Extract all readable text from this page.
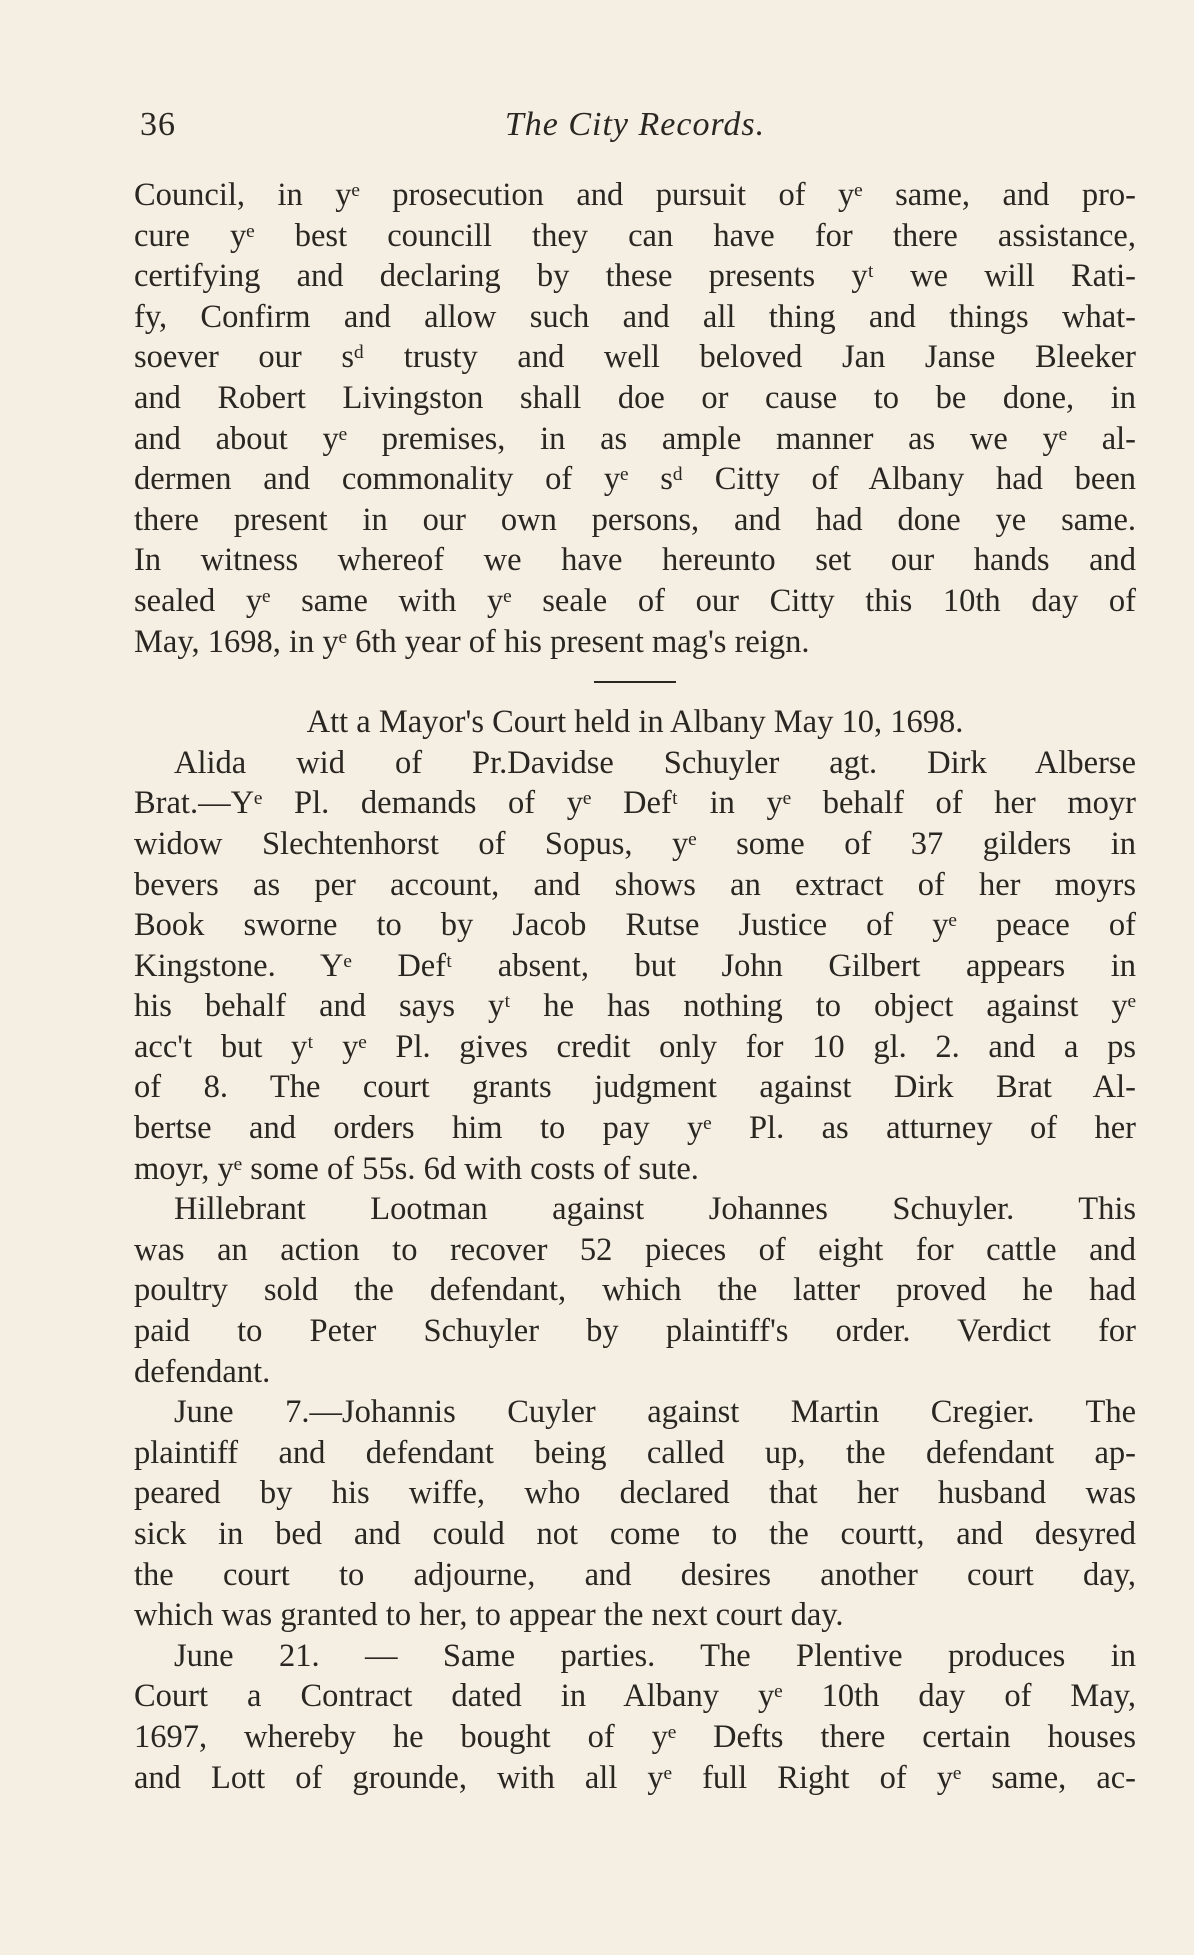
36	The City Records.
Council, in yᵉ prosecution and pursuit of yᵉ same, and pro-
cure yᵉ best councill they can have for there assistance,
certifying and declaring by these presents yᵗ we will Rati-
fy, Confirm and allow such and all thing and things what-
soever our sᵈ trusty and well beloved Jan Janse Bleeker
and Robert Livingston shall doe or cause to be done, in
and about yᵉ premises, in as ample manner as we yᵉ al-
dermen and commonality of yᵉ sᵈ Citty of Albany had been
there present in our own persons, and had done ye same.
In witness whereof we have hereunto set our hands and
sealed yᵉ same with yᵉ seale of our Citty this 10th day of
May, 1698, in yᵉ 6th year of his present mag's reign.
Att a Mayor's Court held in Albany May 10, 1698.
Alida wid of Pr.Davidse Schuyler agt. Dirk Alberse
Brat.—Yᵉ Pl. demands of yᵉ Defᵗ in yᵉ behalf of her moyr
widow Slechtenhorst of Sopus, yᵉ some of 37 gilders in
bevers as per account, and shows an extract of her moyrs
Book sworne to by Jacob Rutse Justice of yᵉ peace of
Kingstone. Yᵉ Defᵗ absent, but John Gilbert appears in
his behalf and says yᵗ he has nothing to object against yᵉ
acc't but yᵗ yᵉ Pl. gives credit only for 10 gl. 2. and a ps
of 8. The court grants judgment against Dirk Brat Al-
bertse and orders him to pay yᵉ Pl. as atturney of her
moyr, yᵉ some of 55s. 6d with costs of sute.
Hillebrant Lootman against Johannes Schuyler. This
was an action to recover 52 pieces of eight for cattle and
poultry sold the defendant, which the latter proved he had
paid to Peter Schuyler by plaintiff's order. Verdict for
defendant.
June 7.—Johannis Cuyler against Martin Cregier. The
plaintiff and defendant being called up, the defendant ap-
peared by his wiffe, who declared that her husband was
sick in bed and could not come to the courtt, and desyred
the court to adjourne, and desires another court day,
which was granted to her, to appear the next court day.
June 21. — Same parties. The Plentive produces in
Court a Contract dated in Albany yᵉ 10th day of May,
1697, whereby he bought of yᵉ Defts there certain houses
and Lott of grounde, with all yᵉ full Right of yᵉ same, ac-
